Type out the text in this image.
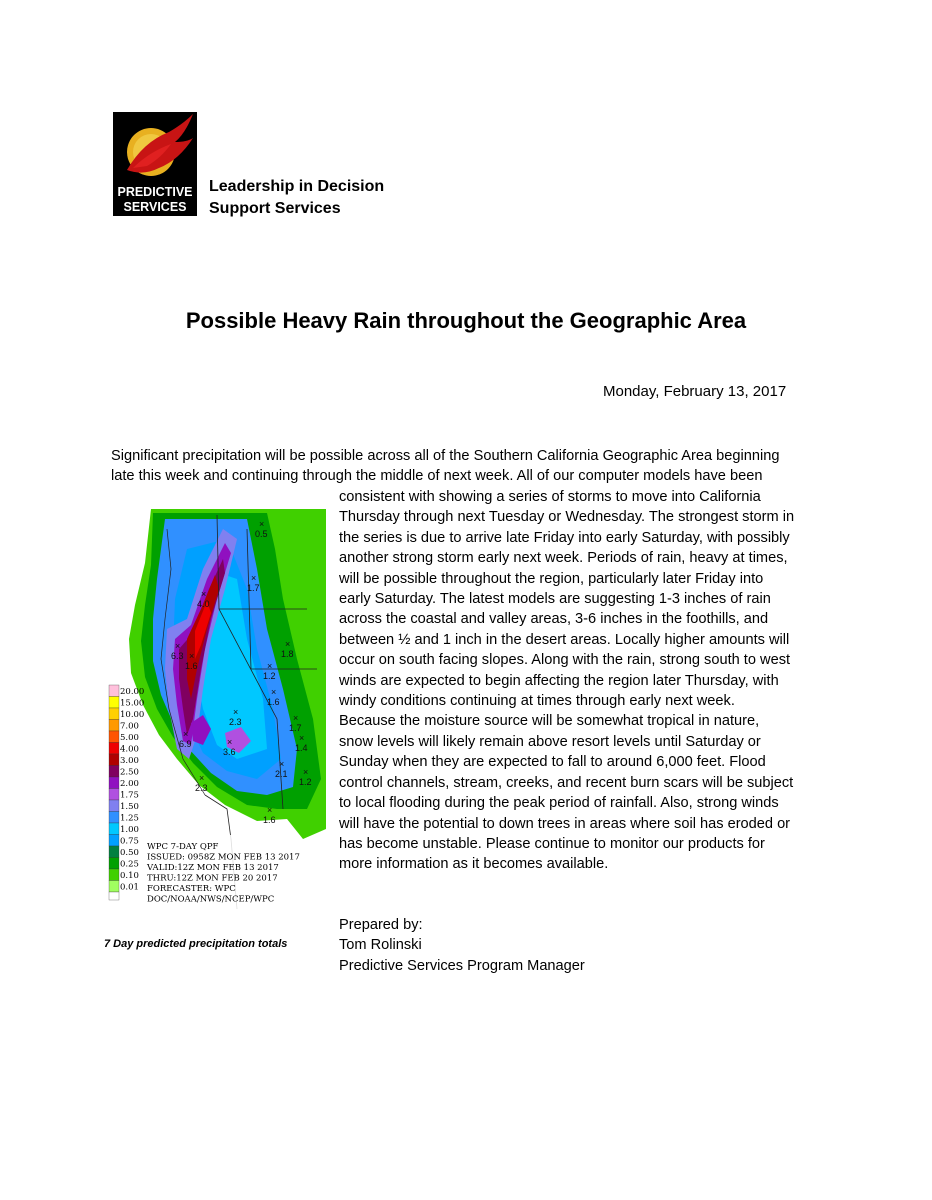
PREDICTIVE
SERVICES
Leadership in Decision
Support Services
Possible Heavy Rain throughout the Geographic Area
Monday, February 13, 2017
Significant precipitation will be possible across all of the Southern California Geographic Area beginning
late this week and continuing through the middle of next week. All of our computer models have been
consistent with showing a series of storms to move into California
Thursday through next Tuesday or Wednesday. The strongest storm in
the series is due to arrive late Friday into early Saturday, with possibly
another strong storm early next week. Periods of rain, heavy at times,
will be possible throughout the region, particularly later Friday into
early Saturday. The latest models are suggesting 1-3 inches of rain
across the coastal and valley areas, 3-6 inches in the foothills, and
between ½ and 1 inch in the desert areas. Locally higher amounts will
occur on south facing slopes. Along with the rain, strong south to west
winds are expected to begin affecting the region later Thursday, with
windy conditions continuing at times through early next week.
Because the moisture source will be somewhat tropical in nature,
snow levels will likely remain above resort levels until Saturday or
Sunday when they are expected to fall to around 6,000 feet. Flood
control channels, stream, creeks, and recent burn scars will be subject
to local flooding during the peak period of rainfall. Also, strong winds
will have the potential to down trees in areas where soil has eroded or
has become unstable. Please continue to monitor our products for
more information as it becomes available.
20.00
15.00
10.00
7.00
5.00
4.00
3.00
2.50
2.00
1.75
1.50
1.25
1.00
0.75
0.50
0.25
0.10
0.01
WPC 7-DAY QPF
ISSUED: 0958Z MON FEB 13 2017
VALID:12Z MON FEB 13 2017
THRU:12Z MON FEB 20 2017
FORECASTER: WPC
DOC/NOAA/NWS/NCEP/WPC
×
0.5
×
4.0
×
1.7
×
1.8
×
1.2
×
1.6
×
6.3 ×
1.6
×
2.3	×
1.7
×
1.4
×
6.9	×
3.6
×
2.1
×
2.3
×
1.6
×
1.2
7 Day predicted precipitation totals
Prepared by:
Tom Rolinski
Predictive Services Program Manager
